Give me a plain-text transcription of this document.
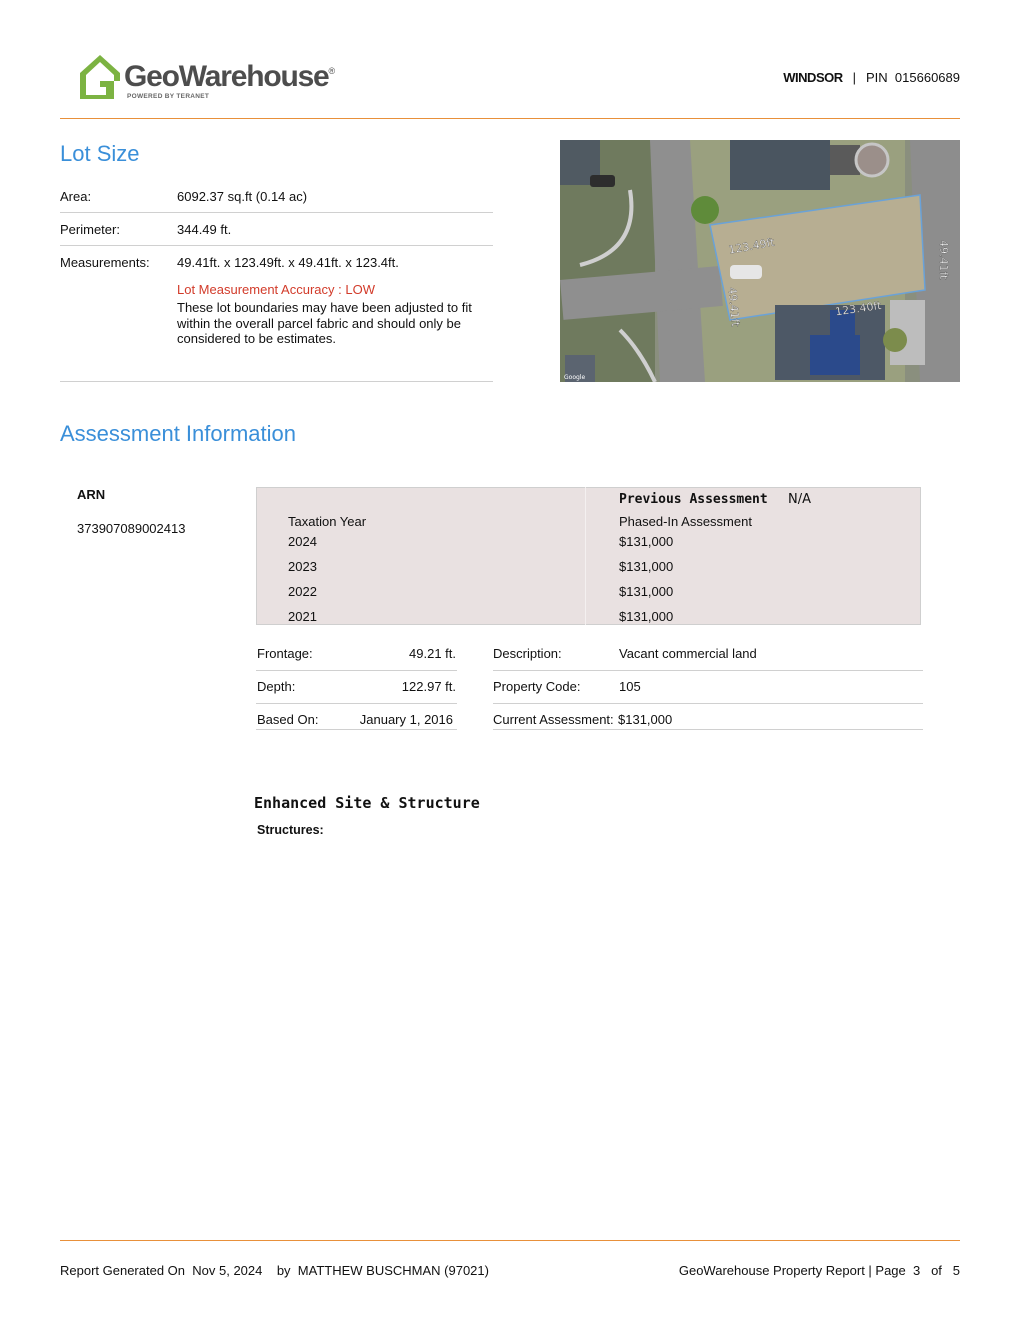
GeoWarehouse®
POWERED BY TERANET
WINDSOR | PIN 015660689
Lot Size
Area:	6092.37 sq.ft (0.14 ac)
Perimeter:	344.49 ft.
Measurements: 49.41ft. x 123.49ft. x 49.41ft. x 123.4ft.
Lot Measurement Accuracy : LOW
These lot boundaries may have been adjusted to fit within the overall parcel fabric and should only be considered to be estimates.
123.49ft	49.41ft
49.41ft	123.40ft
Google
Assessment Information
ARN
373907089002413
Previous Assessment N/A
Taxation Year	Phased-In Assessment
2024	$131,000
2023	$131,000
2022	$131,000
2021	$131,000
Frontage:	49.21 ft.
Depth:	122.97 ft.
Based On:	January 1, 2016
Description:	Vacant commercial land
Property Code:	105
Current Assessment: $131,000
Enhanced Site & Structure
Structures:
Report Generated On Nov 5, 2024 by MATTHEW BUSCHMAN (97021)	GeoWarehouse Property Report | Page 3 of 5
